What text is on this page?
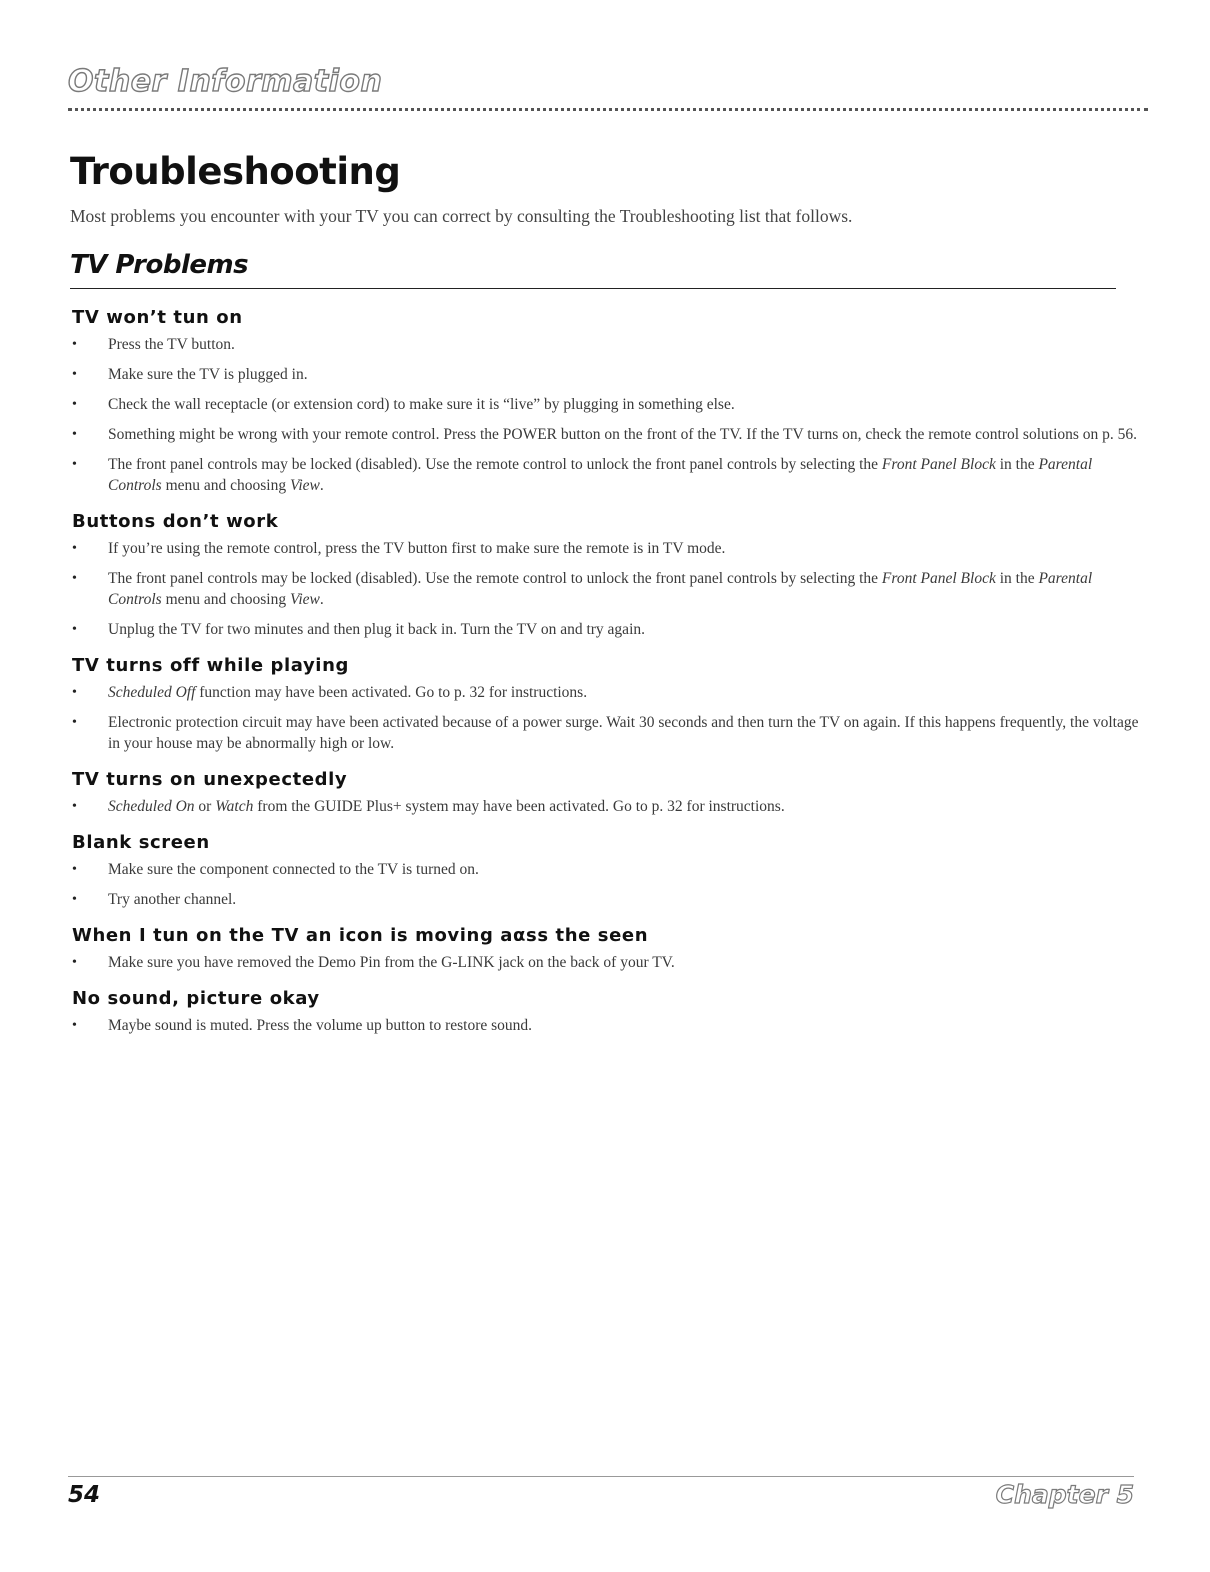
Other Information
Troubleshooting

Most problems you encounter with your TV you can correct by consulting the Troubleshooting list that follows.

TV Problems
TV won’t tun on
• Press the TV button.
• Make sure the TV is plugged in.
• Check the wall receptacle (or extension cord) to make sure it is “live” by plugging in something else.
• Something might be wrong with your remote control. Press the POWER button on the front of the TV. If the TV turns on, check the remote control solutions on p. 56.
• The front panel controls may be locked (disabled). Use the remote control to unlock the front panel controls by selecting the Front Panel Block in the Parental Controls menu and choosing View.
Buttons don’t work
• If you’re using the remote control, press the TV button first to make sure the remote is in TV mode.
• The front panel controls may be locked (disabled). Use the remote control to unlock the front panel controls by selecting the Front Panel Block in the Parental Controls menu and choosing View.
• Unplug the TV for two minutes and then plug it back in. Turn the TV on and try again.
TV turns off while playing
• Scheduled Off function may have been activated. Go to p. 32 for instructions.
• Electronic protection circuit may have been activated because of a power surge. Wait 30 seconds and then turn the TV on again. If this happens frequently, the voltage in your house may be abnormally high or low.
TV turns on unexpectedly
• Scheduled On or Watch from the GUIDE Plus+ system may have been activated. Go to p. 32 for instructions.
Blank screen
• Make sure the component connected to the TV is turned on.
• Try another channel.
When I tun on the TV an icon is moving aαss the seen
• Make sure you have removed the Demo Pin from the G-LINK jack on the back of your TV.
No sound, picture okay
• Maybe sound is muted. Press the volume up button to restore sound.
54	Chapter 5
